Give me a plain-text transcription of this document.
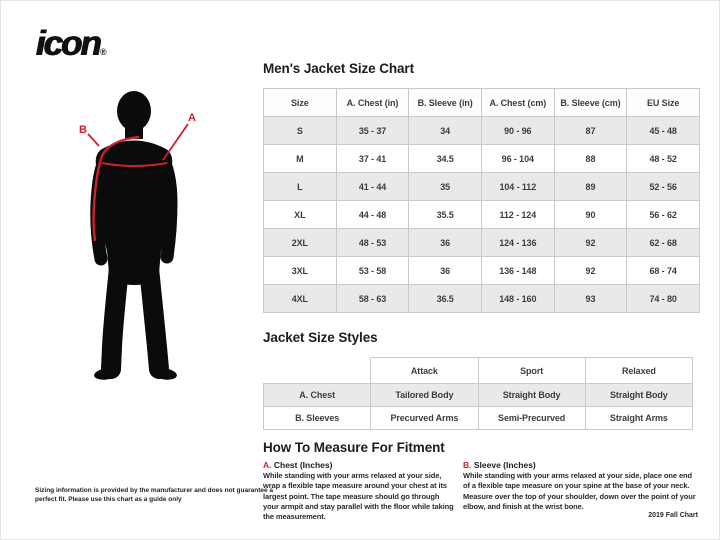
icon®
A
B
Men's Jacket Size Chart
Size	A. Chest (in)	B. Sleeve (in)	A. Chest (cm)	B. Sleeve (cm)	EU Size
S	35 - 37	34	90 - 96	87	45 - 48
M	37 - 41	34.5	96 - 104	88	48 - 52
L	41 - 44	35	104 - 112	89	52 - 56
XL	44 - 48	35.5	112 - 124	90	56 - 62
2XL	48 - 53	36	124 - 136	92	62 - 68
3XL	53 - 58	36	136 - 148	92	68 - 74
4XL	58 - 63	36.5	148 - 160	93	74 - 80
Jacket Size Styles
	Attack	Sport	Relaxed
A. Chest	Tailored Body	Straight Body	Straight Body
B. Sleeves	Precurved Arms	Semi-Precurved	Straight Arms
How To Measure For Fitment
A. Chest (Inches)
While standing with your arms relaxed at your side, wrap a flexible tape measure around your chest at its largest point. The tape measure should go through your armpit and stay parallel with the floor while taking the measurement.
B. Sleeve (Inches)
While standing with your arms relaxed at your side, place one end of a flexible tape measure on your spine at the base of your neck. Measure over the top of your shoulder, down over the point of your elbow, and finish at the wrist bone.
Sizing information is provided by the manufacturer and does not guarantee a perfect fit. Please use this chart as a guide only
2019 Fall Chart
